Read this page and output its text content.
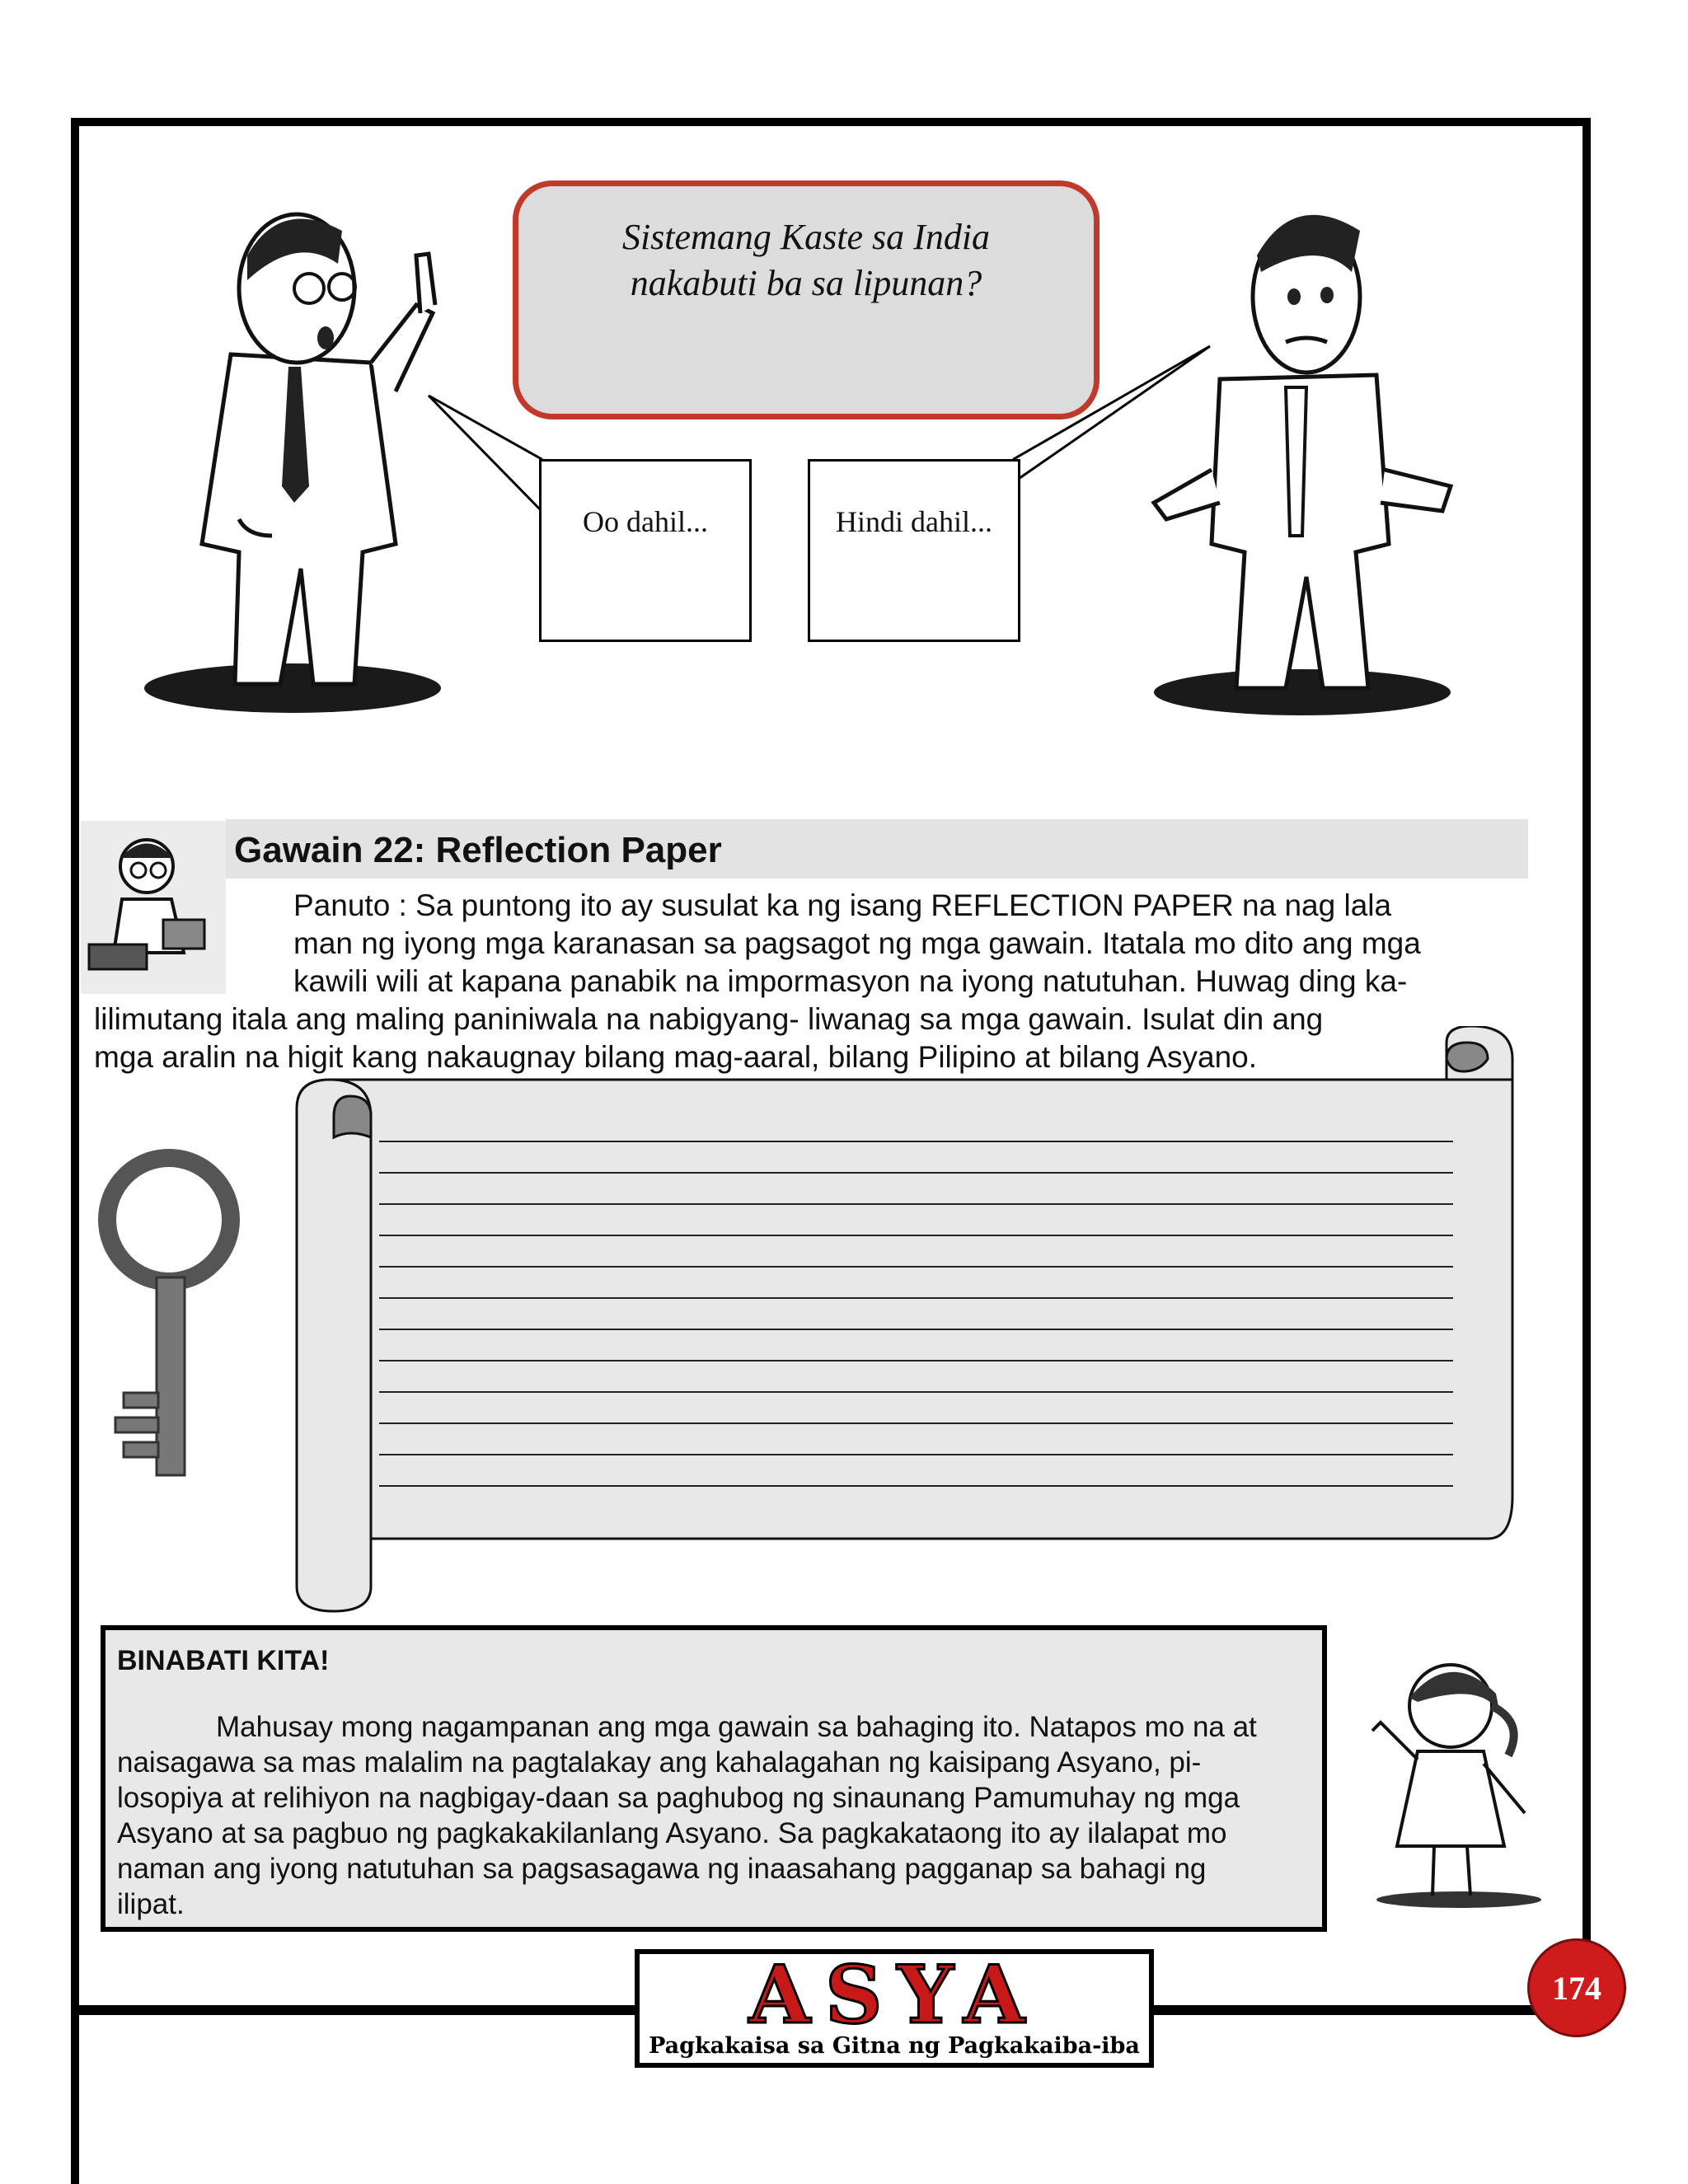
Sistemang Kaste sa India
nakabuti ba sa lipunan?
Oo dahil...	Hindi dahil...
Gawain 22: Reflection Paper
Panuto : Sa puntong ito ay susulat ka ng isang REFLECTION PAPER na nag lala
man ng iyong mga karanasan sa pagsagot ng mga gawain. Itatala mo dito ang mga
kawili wili at kapana panabik na impormasyon na iyong natutuhan. Huwag ding ka-
lilimutang itala ang maling paniniwala na nabigyang- liwanag sa mga gawain. Isulat din ang
mga aralin na higit kang nakaugnay bilang mag-aaral, bilang Pilipino at bilang Asyano.
BINABATI KITA!
Mahusay mong nagampanan ang mga gawain sa bahaging ito. Natapos mo na at
naisagawa sa mas malalim na pagtalakay ang kahalagahan ng kaisipang Asyano, pi-
losopiya at relihiyon na nagbigay-daan sa paghubog ng sinaunang Pamumuhay ng mga
Asyano at sa pagbuo ng pagkakakilanlang Asyano. Sa pagkakataong ito ay ilalapat mo
naman ang iyong natutuhan sa pagsasagawa ng inaasahang pagganap sa bahagi ng
ilipat.
ASYA
Pagkakaisa sa Gitna ng Pagkakaiba-iba
174
